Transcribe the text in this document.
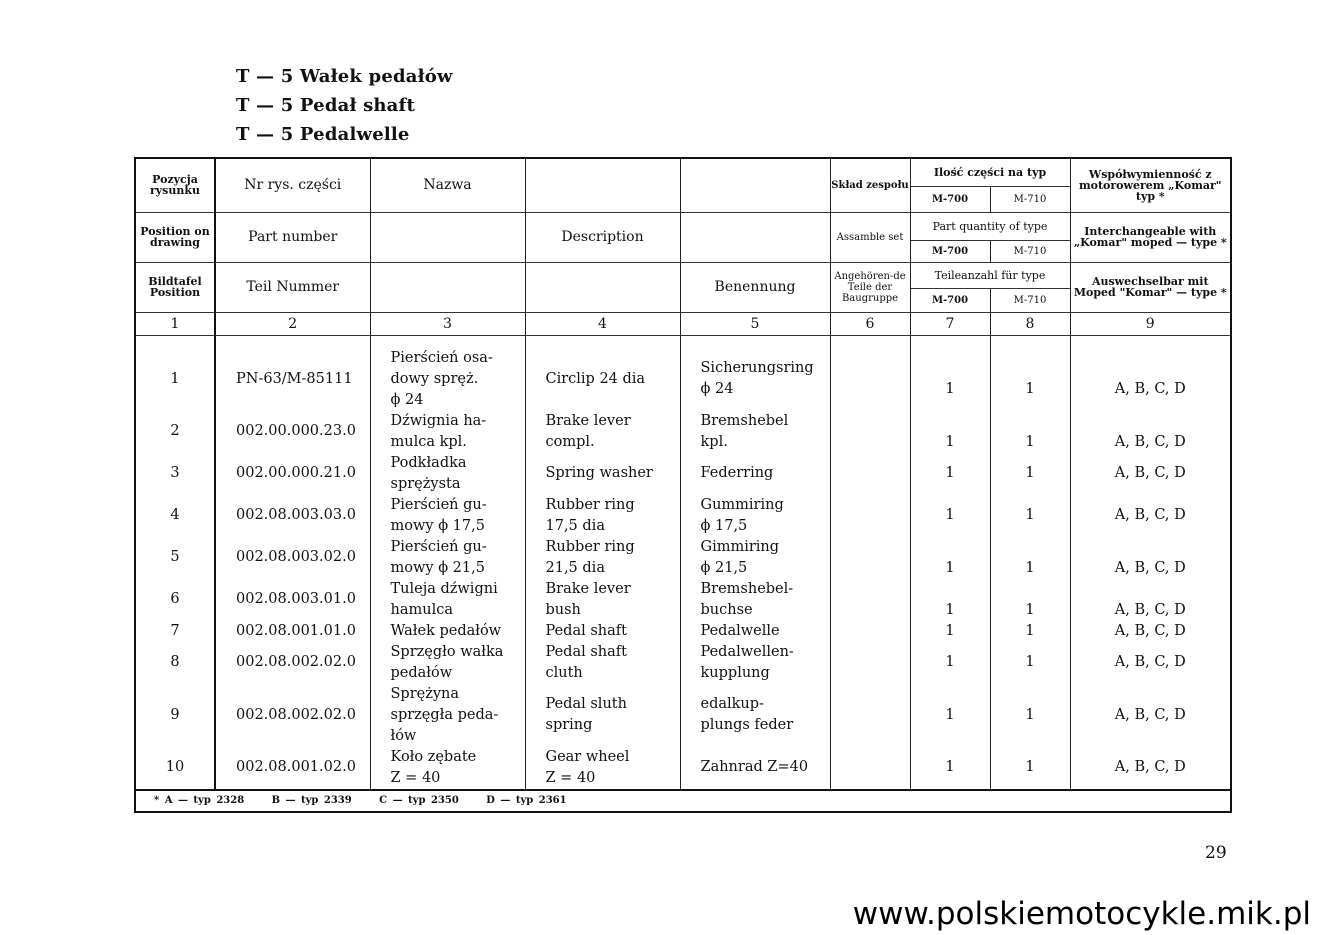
T — 5 Wałek pedałów
T — 5 Pedał shaft
T — 5 Pedalwelle
Pozycja rysunku	Nr rys. części	Nazwa			Skład zespołu	Ilość części na typ		Współwymienność z motorowerem „Komar" typ *
						M-700	M-710	
Position on drawing	Part number		Description		Assamble set	Part quantity of type		Interchangeable with „Komar" moped — type *
						M-700	M-710	
Bildtafel Position	Teil Nummer			Benennung	Angehören-de Teile der Baugruppe	Teileanzahl für type		Auswechselbar mit Moped "Komar" — type *
						M-700	M-710	
1	2	3	4	5	6	7	8	9
1	PN-63/M-85111	Pierścień osa-
dowy spręż.
ϕ 24	Circlip 24 dia	Sicherungsring
ϕ 24		1	1	A, B, C, D
2	002.00.000.23.0	Dźwignia ha-
mulca kpl.	Brake lever
compl.	Bremshebel
kpl.		1	1	A, B, C, D
3	002.00.000.21.0	Podkładka
sprężysta	Spring washer	Federring		1	1	A, B, C, D
4	002.08.003.03.0	Pierścień gu-
mowy ϕ 17,5	Rubber ring
17,5 dia	Gummiring
ϕ 17,5		1	1	A, B, C, D
5	002.08.003.02.0	Pierścień gu-
mowy ϕ 21,5	Rubber ring
21,5 dia	Gimmiring
ϕ 21,5		1	1	A, B, C, D
6	002.08.003.01.0	Tuleja dźwigni
hamulca	Brake lever
bush	Bremshebel-
buchse		1	1	A, B, C, D
7	002.08.001.01.0	Wałek pedałów	Pedal shaft	Pedalwelle		1	1	A, B, C, D
8	002.08.002.02.0	Sprzęgło wałka
pedałów	Pedal shaft
cluth	Pedalwellen-
kupplung		1	1	A, B, C, D
9	002.08.002.02.0	Sprężyna
sprzęgła peda-
łów	Pedal sluth
spring	edalkup-
plungs feder		1	1	A, B, C, D
10	002.08.001.02.0	Koło zębate
Z = 40	Gear wheel
Z = 40	Zahnrad Z=40		1	1	A, B, C, D
* A — typ 2328     B — typ 2339     C — typ 2350     D — typ 2361								
29
www.polskiemotocykle.mik.pl
